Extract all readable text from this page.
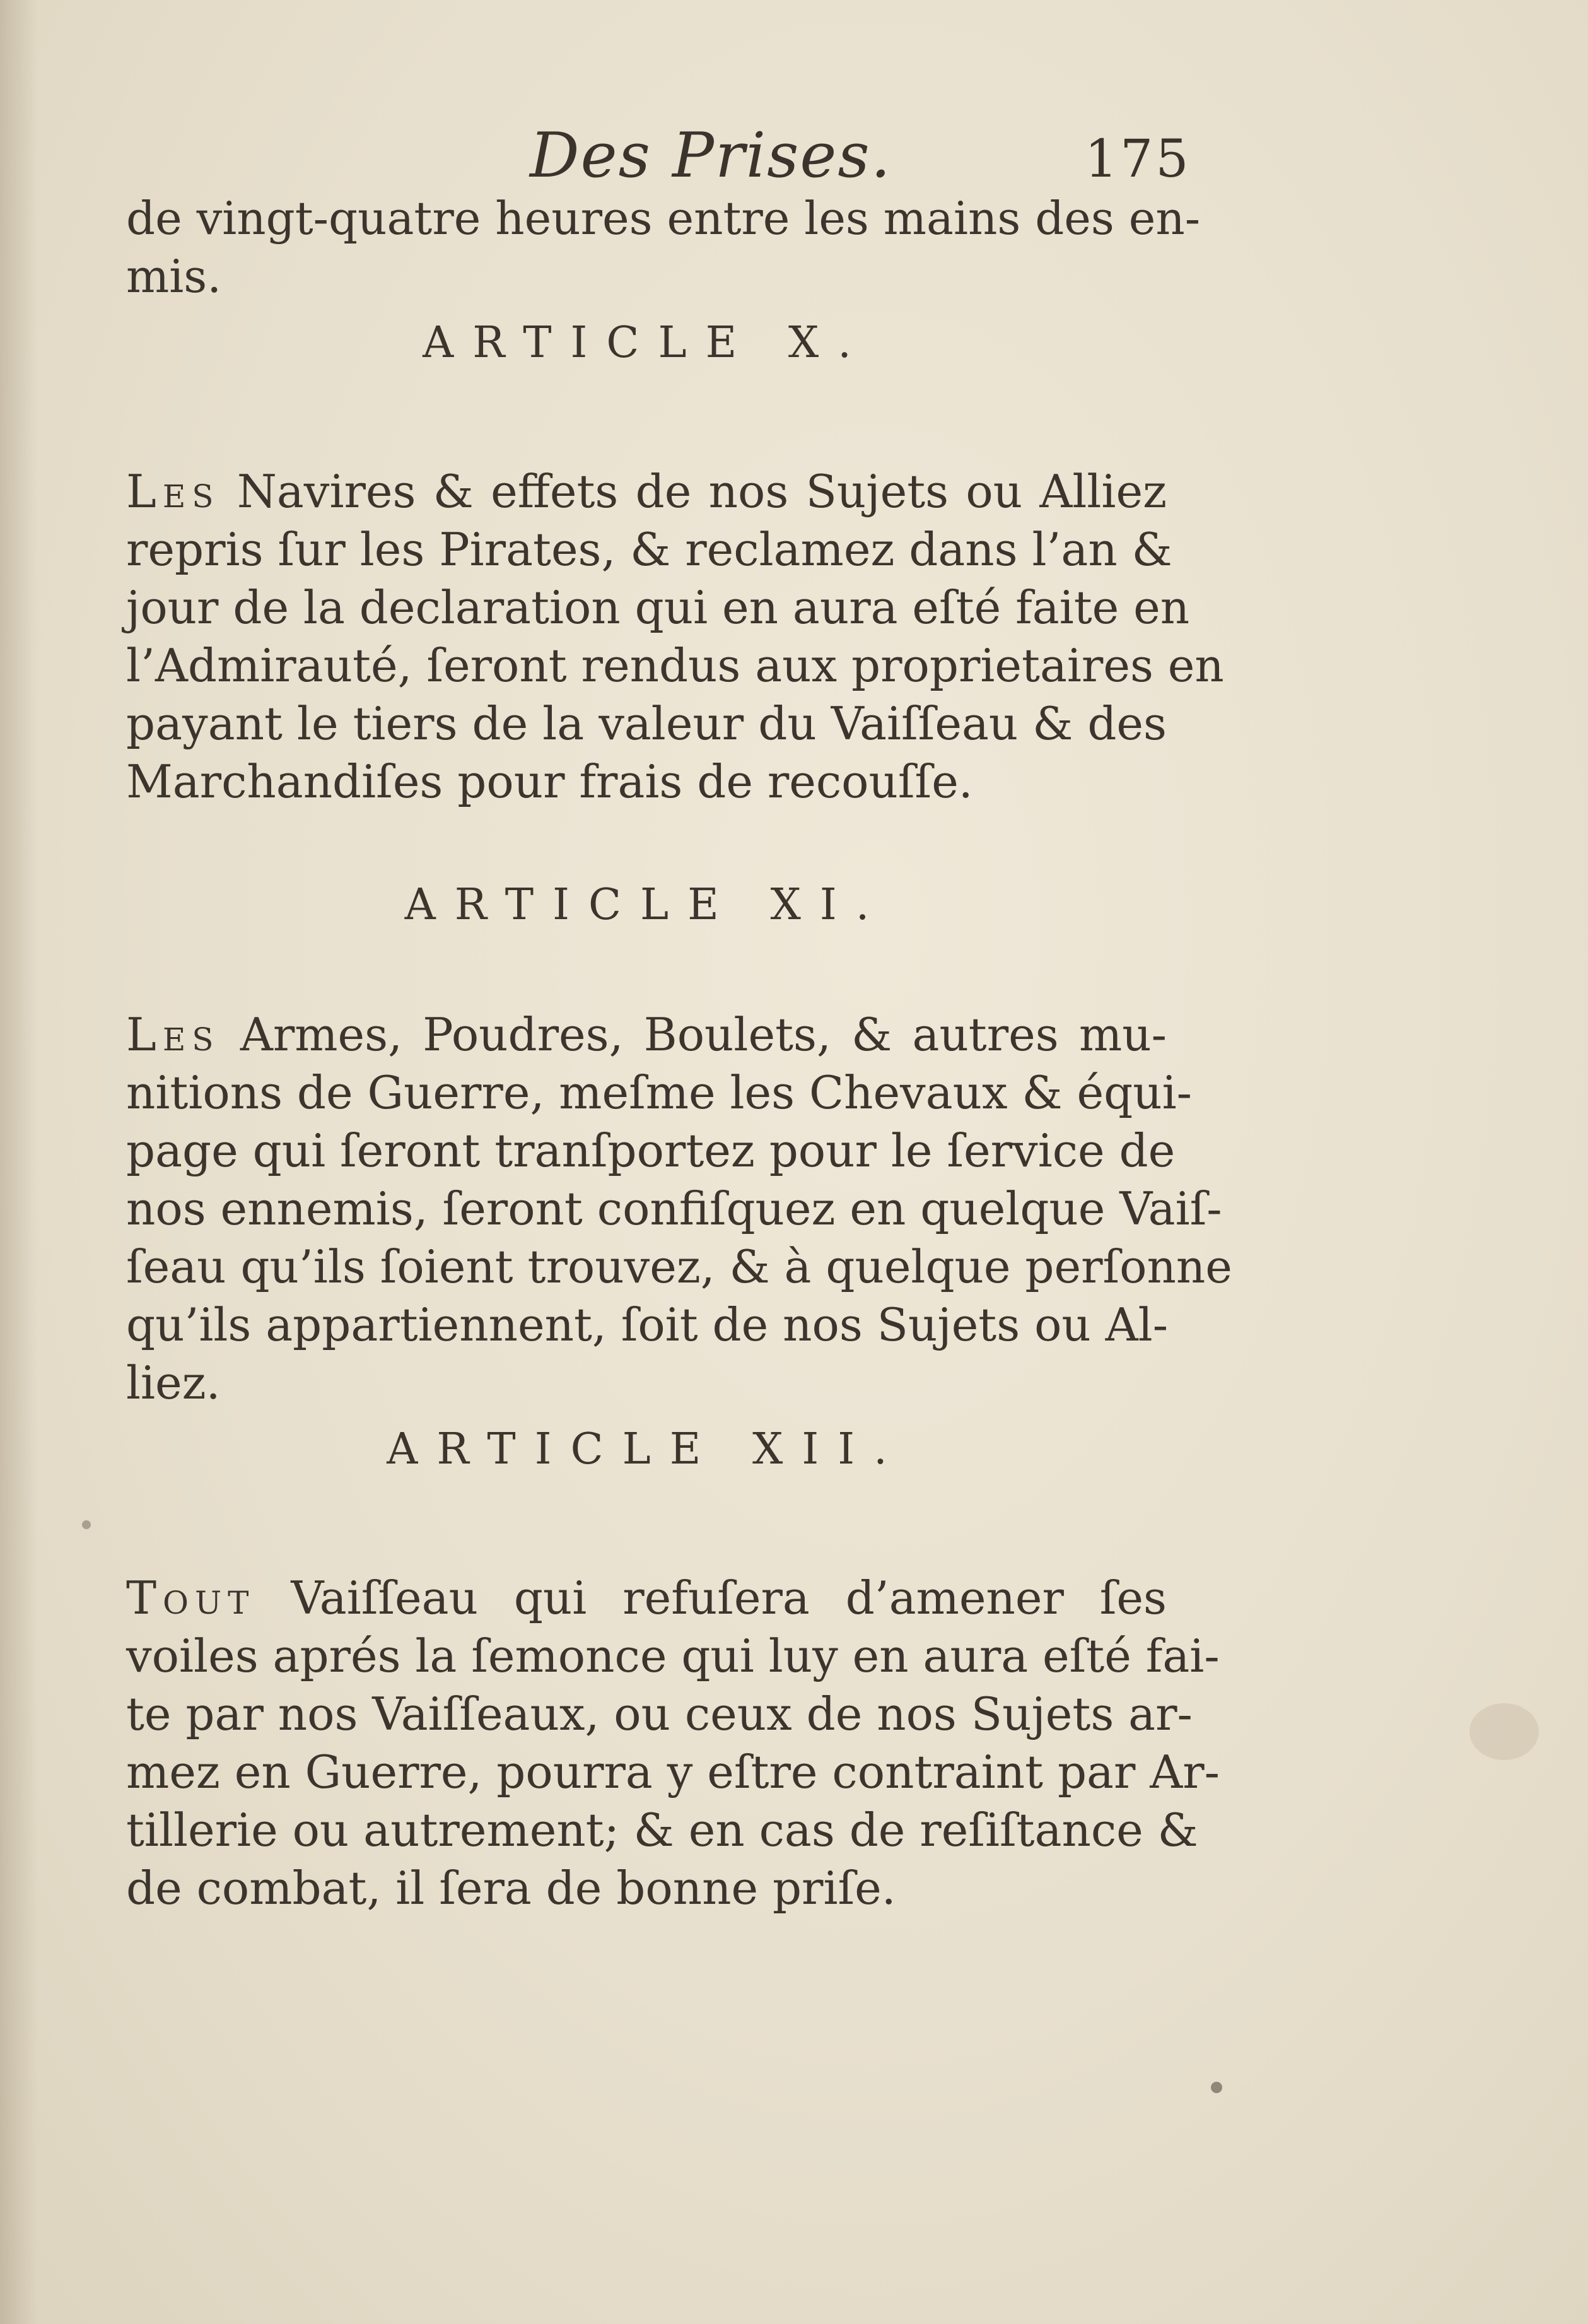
Des Prises.	175
de vingt-quatre heures entre les mains des en-
mis.
ARTICLE X.
Les Navires & effets de nos Sujets ou Alliez
repris ſur les Pirates, & reclamez dans l’an &
jour de la declaration qui en aura eſté faite en
l’Admirauté, ſeront rendus aux proprietaires en
payant le tiers de la valeur du Vaiſſeau & des
Marchandiſes pour frais de recouſſe.
ARTICLE XI.
Les Armes, Poudres, Boulets, & autres mu-
nitions de Guerre, meſme les Chevaux & équi-
page qui ſeront tranſportez pour le ſervice de
nos ennemis, ſeront confiſquez en quelque Vaiſ-
ſeau qu’ils ſoient trouvez, & à quelque perſonne
qu’ils appartiennent, ſoit de nos Sujets ou Al-
liez.
ARTICLE XII.
Tout Vaiſſeau qui refuſera d’amener ſes
voiles aprés la ſemonce qui luy en aura eſté fai-
te par nos Vaiſſeaux, ou ceux de nos Sujets ar-
mez en Guerre, pourra y eſtre contraint par Ar-
tillerie ou autrement; & en cas de reſiſtance &
de combat, il ſera de bonne priſe.
